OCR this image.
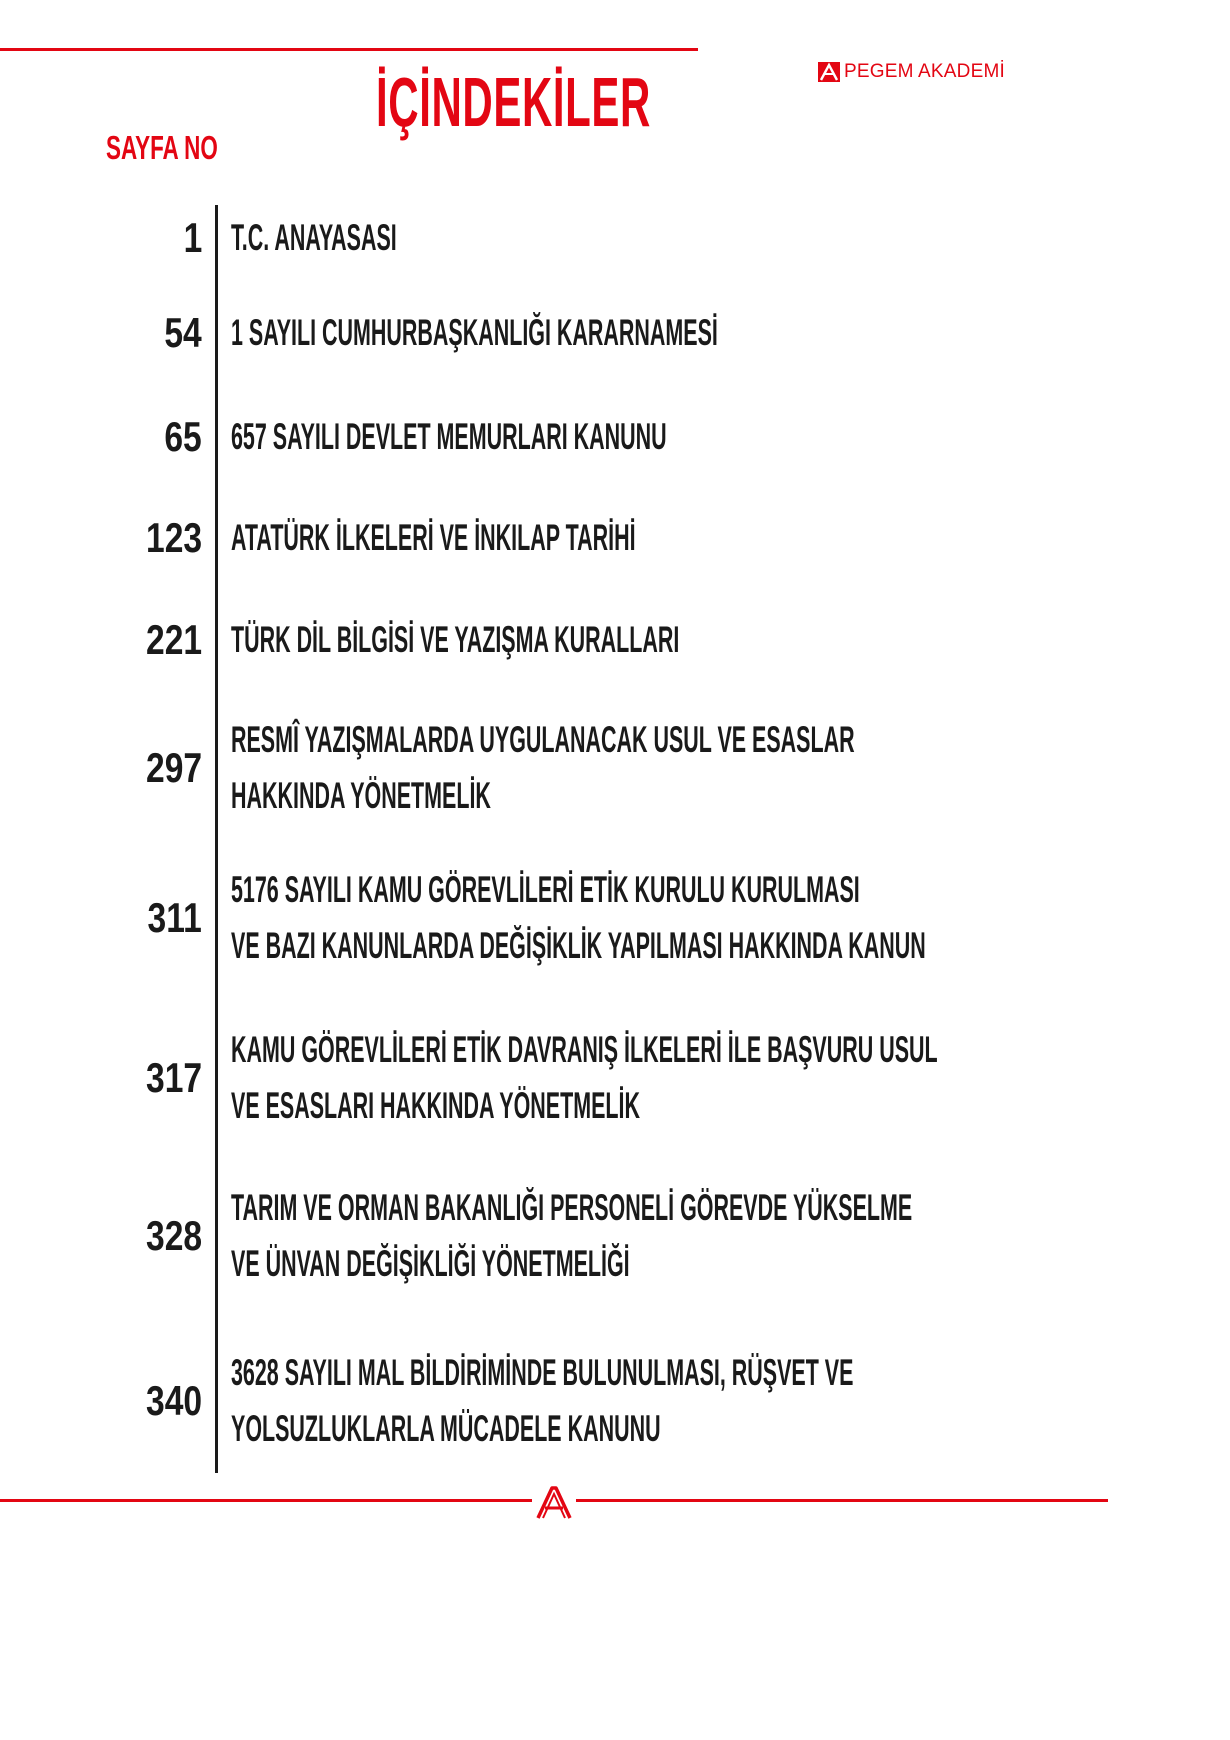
PEGEM AKADEMİ
İÇİNDEKİLER
SAYFA NO
1 T.C. ANAYASASI
54 1 SAYILI CUMHURBAŞKANLIĞI KARARNAMESİ
65 657 SAYILI DEVLET MEMURLARI KANUNU
123 ATATÜRK İLKELERİ VE İNKILAP TARİHİ
221 TÜRK DİL BİLGİSİ VE YAZIŞMA KURALLARI
297
RESMÎ YAZIŞMALARDA UYGULANACAK USUL VE ESASLAR
HAKKINDA YÖNETMELİK
311
5176 SAYILI KAMU GÖREVLİLERİ ETİK KURULU KURULMASI
VE BAZI KANUNLARDA DEĞİŞİKLİK YAPILMASI HAKKINDA KANUN
317
KAMU GÖREVLİLERİ ETİK DAVRANIŞ İLKELERİ İLE BAŞVURU USUL
VE ESASLARI HAKKINDA YÖNETMELİK
328
TARIM VE ORMAN BAKANLIĞI PERSONELİ GÖREVDE YÜKSELME
VE ÜNVAN DEĞİŞİKLİĞİ YÖNETMELİĞİ
340
3628 SAYILI MAL BİLDİRİMİNDE BULUNULMASI, RÜŞVET VE
YOLSUZLUKLARLA MÜCADELE KANUNU
